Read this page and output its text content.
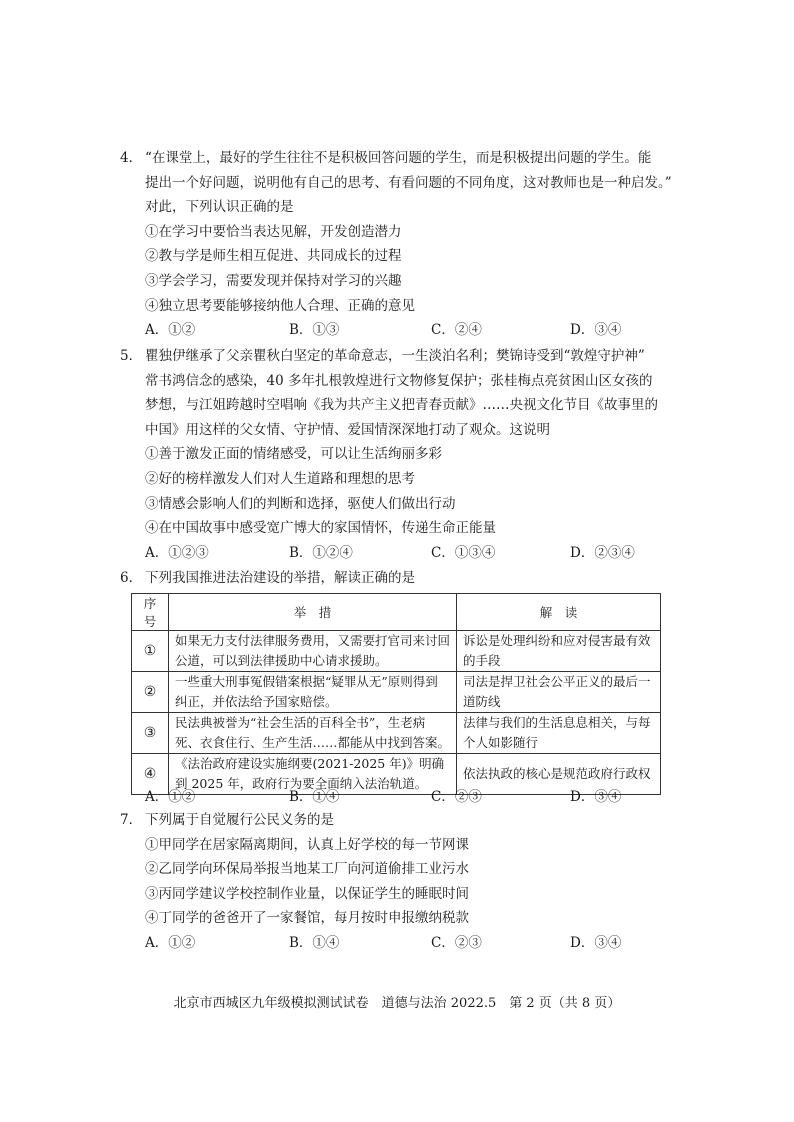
4． “在课堂上，最好的学生往往不是积极回答问题的学生，而是积极提出问题的学生。能
提出一个好问题，说明他有自己的思考、有看问题的不同角度，这对教师也是一种启发。”
对此，下列认识正确的是
①在学习中要恰当表达见解，开发创造潜力
②教与学是师生相互促进、共同成长的过程
③学会学习，需要发现并保持对学习的兴趣
④独立思考要能够接纳他人合理、正确的意见
A．①②	B．①③	C．②④	D．③④
5． 瞿独伊继承了父亲瞿秋白坚定的革命意志，一生淡泊名利；樊锦诗受到“敦煌守护神”
常书鸿信念的感染，40 多年扎根敦煌进行文物修复保护；张桂梅点亮贫困山区女孩的
梦想，与江姐跨越时空唱响《我为共产主义把青春贡献》……央视文化节目《故事里的
中国》用这样的父女情、守护情、爱国情深深地打动了观众。这说明
①善于激发正面的情绪感受，可以让生活绚丽多彩
②好的榜样激发人们对人生道路和理想的思考
③情感会影响人们的判断和选择，驱使人们做出行动
④在中国故事中感受宽广博大的家国情怀，传递生命正能量
A．①②③	B．①②④	C．①③④	D．②③④
6． 下列我国推进法治建设的举措，解读正确的是
序号	举　措	解　读
①	如果无力支付法律服务费用，又需要打官司来讨回公道，可以到法律援助中心请求援助。	诉讼是处理纠纷和应对侵害最有效的手段
②	一些重大刑事冤假错案根据“疑罪从无”原则得到纠正，并依法给予国家赔偿。	司法是捍卫社会公平正义的最后一道防线
③	民法典被誉为“社会生活的百科全书”，生老病死、衣食住行、生产生活……都能从中找到答案。	法律与我们的生活息息相关，与每个人如影随行
④	《法治政府建设实施纲要(2021-2025 年)》明确到 2025 年，政府行为要全面纳入法治轨道。	依法执政的核心是规范政府行政权
A．①②	B．①④	C．②③	D．③④
7． 下列属于自觉履行公民义务的是
①甲同学在居家隔离期间，认真上好学校的每一节网课
②乙同学向环保局举报当地某工厂向河道偷排工业污水
③丙同学建议学校控制作业量，以保证学生的睡眠时间
④丁同学的爸爸开了一家餐馆，每月按时申报缴纳税款
A．①②	B．①④	C．②③	D．③④
北京市西城区九年级模拟测试试卷　道德与法治 2022.5　第 2 页（共 8 页）
